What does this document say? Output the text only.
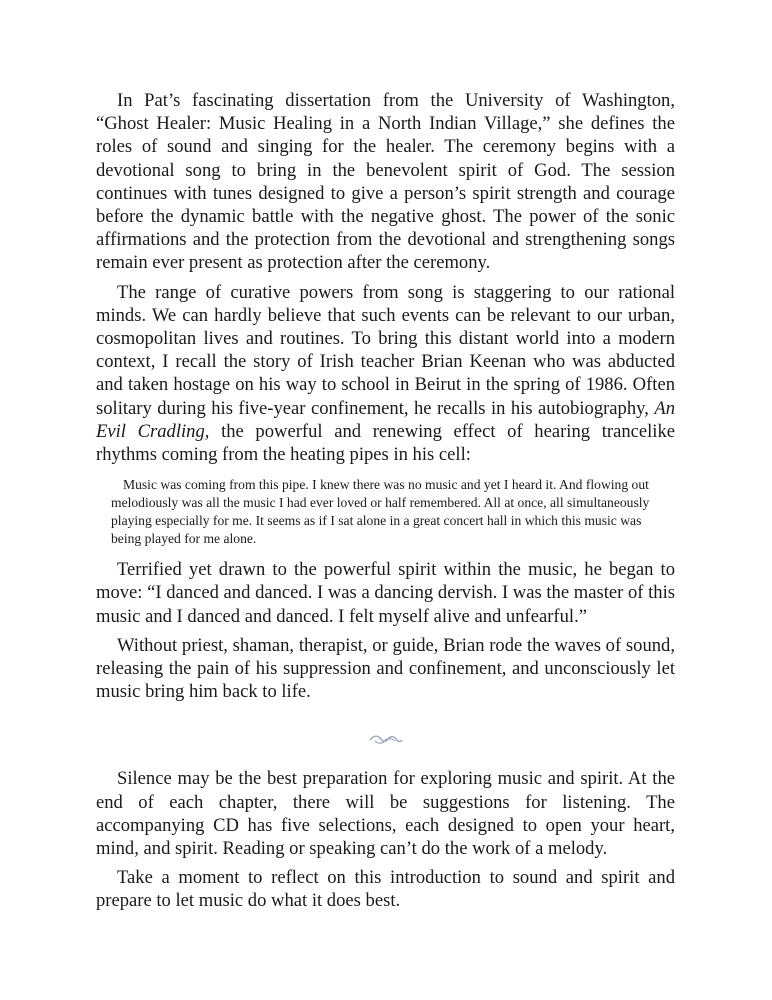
In Pat’s fascinating dissertation from the University of Washington, “Ghost Healer: Music Healing in a North Indian Village,” she defines the roles of sound and singing for the healer. The ceremony begins with a devotional song to bring in the benevolent spirit of God. The session continues with tunes designed to give a person’s spirit strength and courage before the dynamic battle with the negative ghost. The power of the sonic affirmations and the protection from the devotional and strengthening songs remain ever present as protection after the ceremony.

The range of curative powers from song is staggering to our rational minds. We can hardly believe that such events can be relevant to our urban, cosmopolitan lives and routines. To bring this distant world into a modern context, I recall the story of Irish teacher Brian Keenan who was abducted and taken hostage on his way to school in Beirut in the spring of 1986. Often solitary during his five-year confinement, he recalls in his autobiography, An Evil Cradling, the powerful and renewing effect of hearing trancelike rhythms coming from the heating pipes in his cell:

Music was coming from this pipe. I knew there was no music and yet I heard it. And flowing out melodiously was all the music I had ever loved or half remembered. All at once, all simultaneously playing especially for me. It seems as if I sat alone in a great concert hall in which this music was being played for me alone.

Terrified yet drawn to the powerful spirit within the music, he began to move: “I danced and danced. I was a dancing dervish. I was the master of this music and I danced and danced. I felt myself alive and unfearful.”

Without priest, shaman, therapist, or guide, Brian rode the waves of sound, releasing the pain of his suppression and confinement, and unconsciously let music bring him back to life.

Silence may be the best preparation for exploring music and spirit. At the end of each chapter, there will be suggestions for listening. The accompanying CD has five selections, each designed to open your heart, mind, and spirit. Reading or speaking can’t do the work of a melody.

Take a moment to reflect on this introduction to sound and spirit and prepare to let music do what it does best.
